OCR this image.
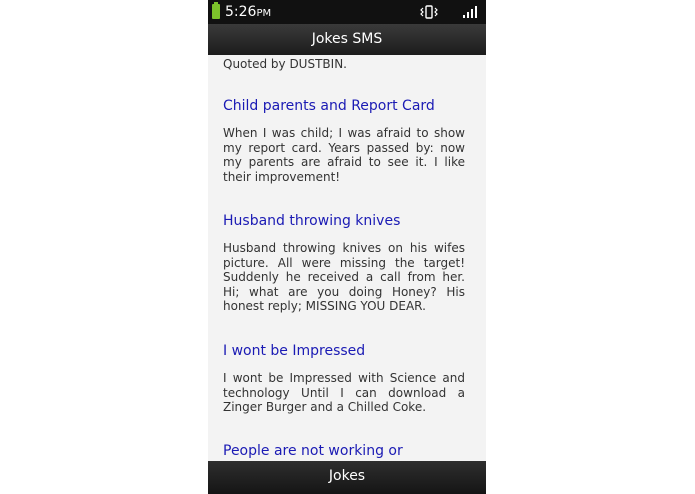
5:26PM
Jokes SMS
Quoted by DUSTBIN.

Child parents and Report Card

When I was child; I was afraid to show my report card. Years passed by: now my parents are afraid to see it. I like their improvement!

Husband throwing knives

Husband throwing knives on his wifes picture. All were missing the target! Suddenly he received a call from her. Hi; what are you doing Honey? His honest reply; MISSING YOU DEAR.

I wont be Impressed

I wont be Impressed with Science and technology Until I can download a Zinger Burger and a Chilled Coke.

People are not working or

Jokes
